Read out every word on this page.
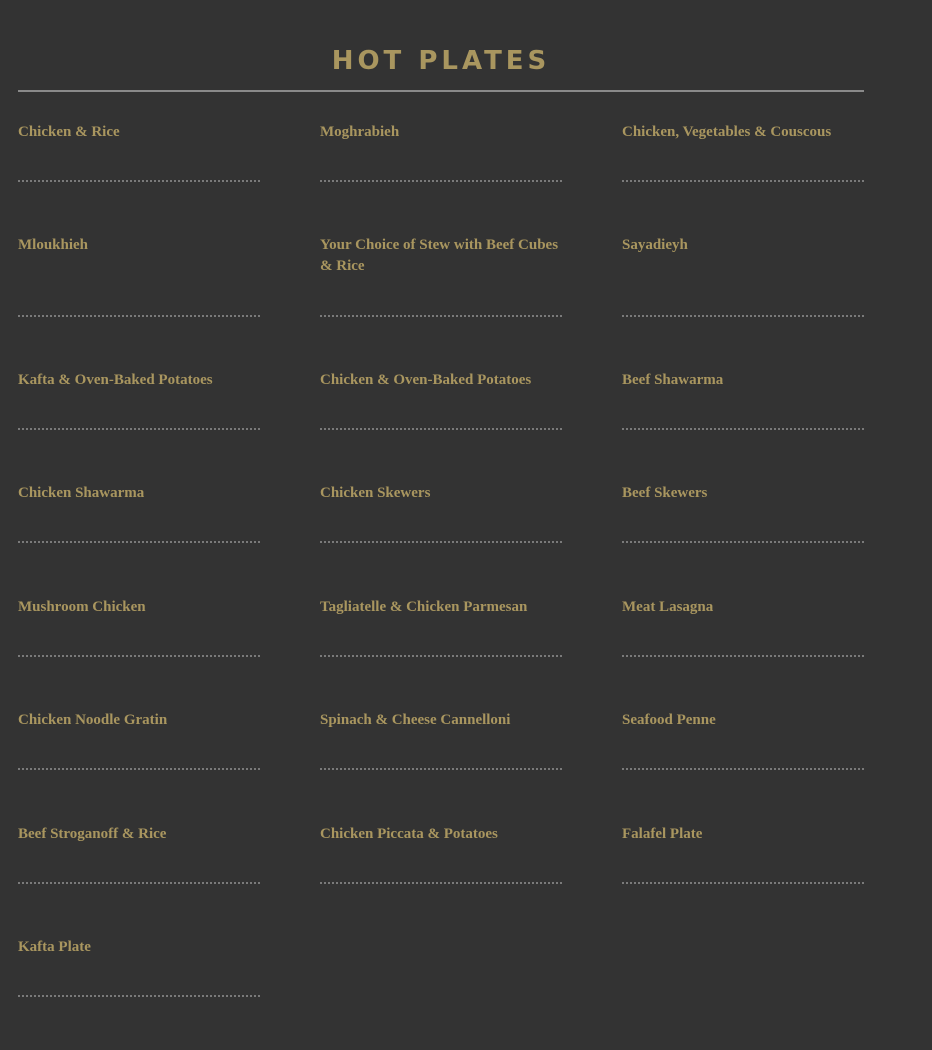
HOT PLATES
Chicken & Rice	Moghrabieh	Chicken, Vegetables & Couscous
Mloukhieh	Your Choice of Stew with Beef Cubes & Rice
Sayadieyh
Kafta & Oven-Baked Potatoes	Chicken & Oven-Baked Potatoes	Beef Shawarma
Chicken Shawarma	Chicken Skewers	Beef Skewers
Mushroom Chicken	Tagliatelle & Chicken Parmesan	Meat Lasagna
Chicken Noodle Gratin	Spinach & Cheese Cannelloni	Seafood Penne
Beef Stroganoff & Rice	Chicken Piccata & Potatoes	Falafel Plate
Kafta Plate
